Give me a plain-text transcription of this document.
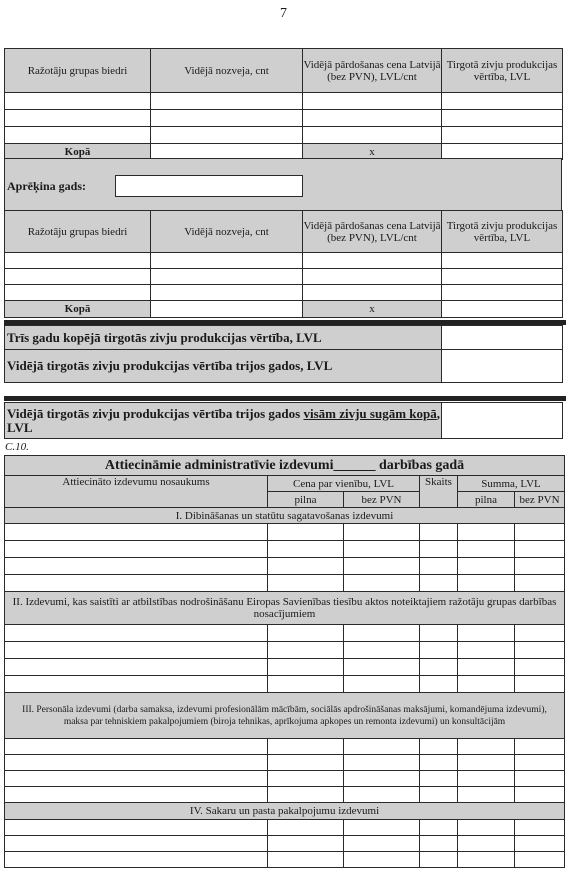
7
Ražotāju grupas biedri	Vidējā nozveja, cnt	Vidējā pārdošanas cena Latvijā (bez PVN), LVL/cnt	Tirgotā zivju produkcijas vērtība, LVL

Kopā		x	
Aprēķina gads:
Ražotāju grupas biedri	Vidējā nozveja, cnt	Vidējā pārdošanas cena Latvijā (bez PVN), LVL/cnt	Tirgotā zivju produkcijas vērtība, LVL

Kopā		x	
Trīs gadu kopējā tirgotās zivju produkcijas vērtība, LVL	
Vidējā tirgotās zivju produkcijas vērtība trijos gados, LVL	
Vidējā tirgotās zivju produkcijas vērtība trijos gados visām zivju sugām kopā, LVL	
C.10.
Attiecināmie administratīvie izdevumi______ darbības gadā					
Attiecināto izdevumu nosaukums	Cena par vienību, LVL		Skaits	Summa, LVL	
	pilna	bez PVN		pilna	bez PVN
I. Dibināšanas un statūtu sagatavošanas izdevumi					

II. Izdevumi, kas saistīti ar atbilstības nodrošināšanu Eiropas Savienības tiesību aktos noteiktajiem ražotāju grupas darbības nosacījumiem					

III. Personāla izdevumi (darba samaksa, izdevumi profesionālām mācībām, sociālās apdrošināšanas maksājumi, komandējuma izdevumi), maksa par tehniskiem pakalpojumiem (biroja tehnikas, aprīkojuma apkopes un remonta izdevumi) un konsultācijām					

IV. Sakaru un pasta pakalpojumu izdevumi					
